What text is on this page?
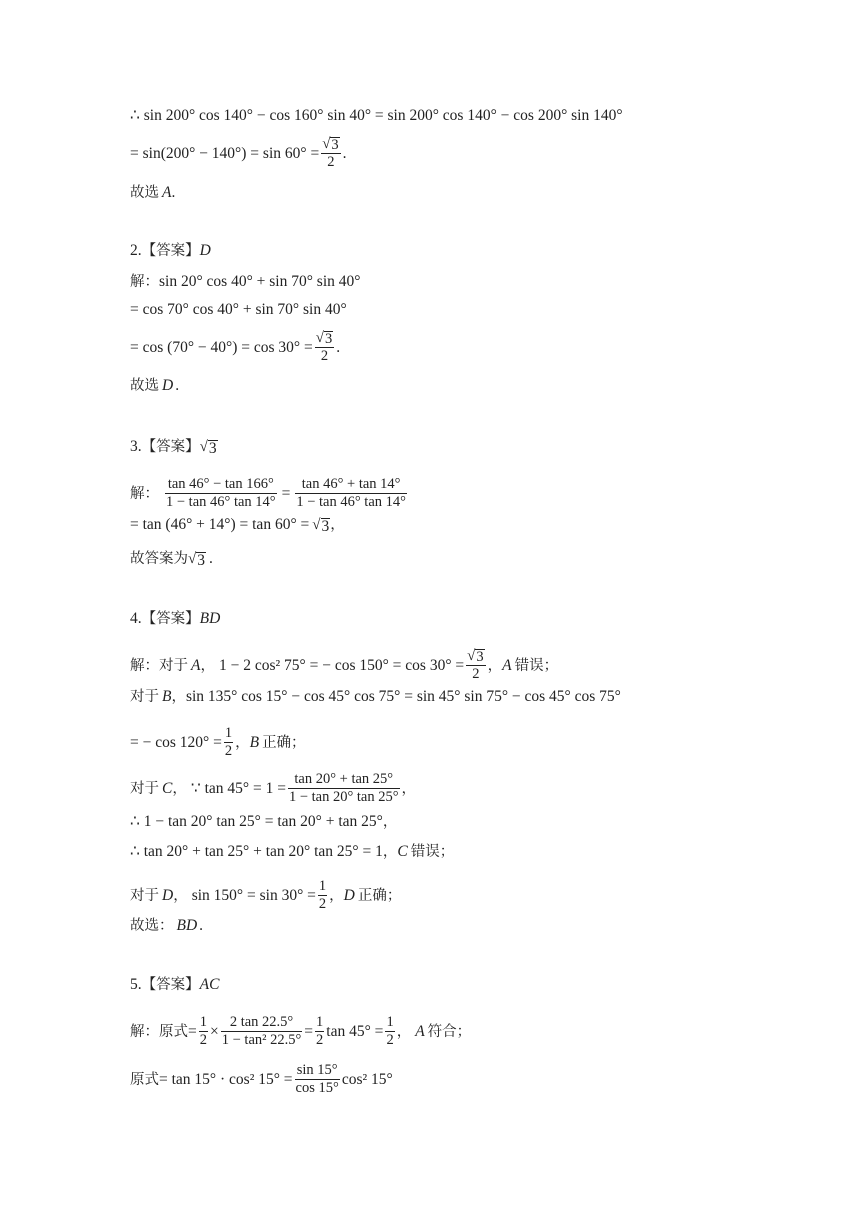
∴ sin 200° cos 140° − cos 160° sin 40° = sin 200° cos 140° − cos 200° sin 140°
= $\sin(200^\circ - 140^\circ) = \sin 60^\circ = \frac{√ 3}{2}$ .
故选 A .
2. 【答案】 D
解： sin 20° cos 40° + sin 70° sin 40°
= cos 70° cos 40° + sin 70° sin 40°
= $\cos (70^\circ - 40^\circ) = \cos 30^\circ = \frac{√ 3}{2}$ .
故选 D .
3. 【答案】 √ 3
解： $\frac{\tan 46^\circ - \tan 166^\circ}{1 - \tan 46^\circ \tan 14^\circ} = \frac{\tan 46^\circ + \tan 14^\circ}{1 - \tan 46^\circ \tan 14^\circ}$
= tan (46° + 14°) = tan 60° = √ 3 ，
故答案为 √ 3 .
4. 【答案】 BD
解：对于 A ， 1 − 2 cos² 75° = − $\cos 150^\circ = \cos 30^\circ = \frac{√ 3}{2}$ ， A 错误；
对于 B ， sin 135° cos 15° − cos 45° cos 75° = sin 45° sin 75° − cos 45° cos 75°
= − $\cos 120^\circ = \frac{1}{2}$ ， B 正确；
对于 C ， ∵ $\tan 45^\circ = 1 = \frac{\tan 20^\circ + \tan 25^\circ}{1 - \tan 20^\circ \tan 25^\circ}$ ，
∴ 1 − tan 20° tan 25° = tan 20° + tan 25° ，
∴ tan 20° + tan 25° + tan 20° tan 25° = 1 ， C 错误；
对于 D ， $\sin 150^\circ = \sin 30^\circ = \frac{1}{2}$ ， D 正确；
故选： BD .
5. 【答案】 AC
解：原式 = $\frac{1}{2} \times \frac{2 \tan 22.5^\circ}{\text{1 − tan² 22.5°}} = \frac{1}{2}$ $\tan 45^\circ = \frac{1}{2}$ ， A 符合；
原式 = tan 15° · cos² $15^\circ = \frac{\sin 15^\circ}{\cos 15^\circ} \cos^2$ 15°
